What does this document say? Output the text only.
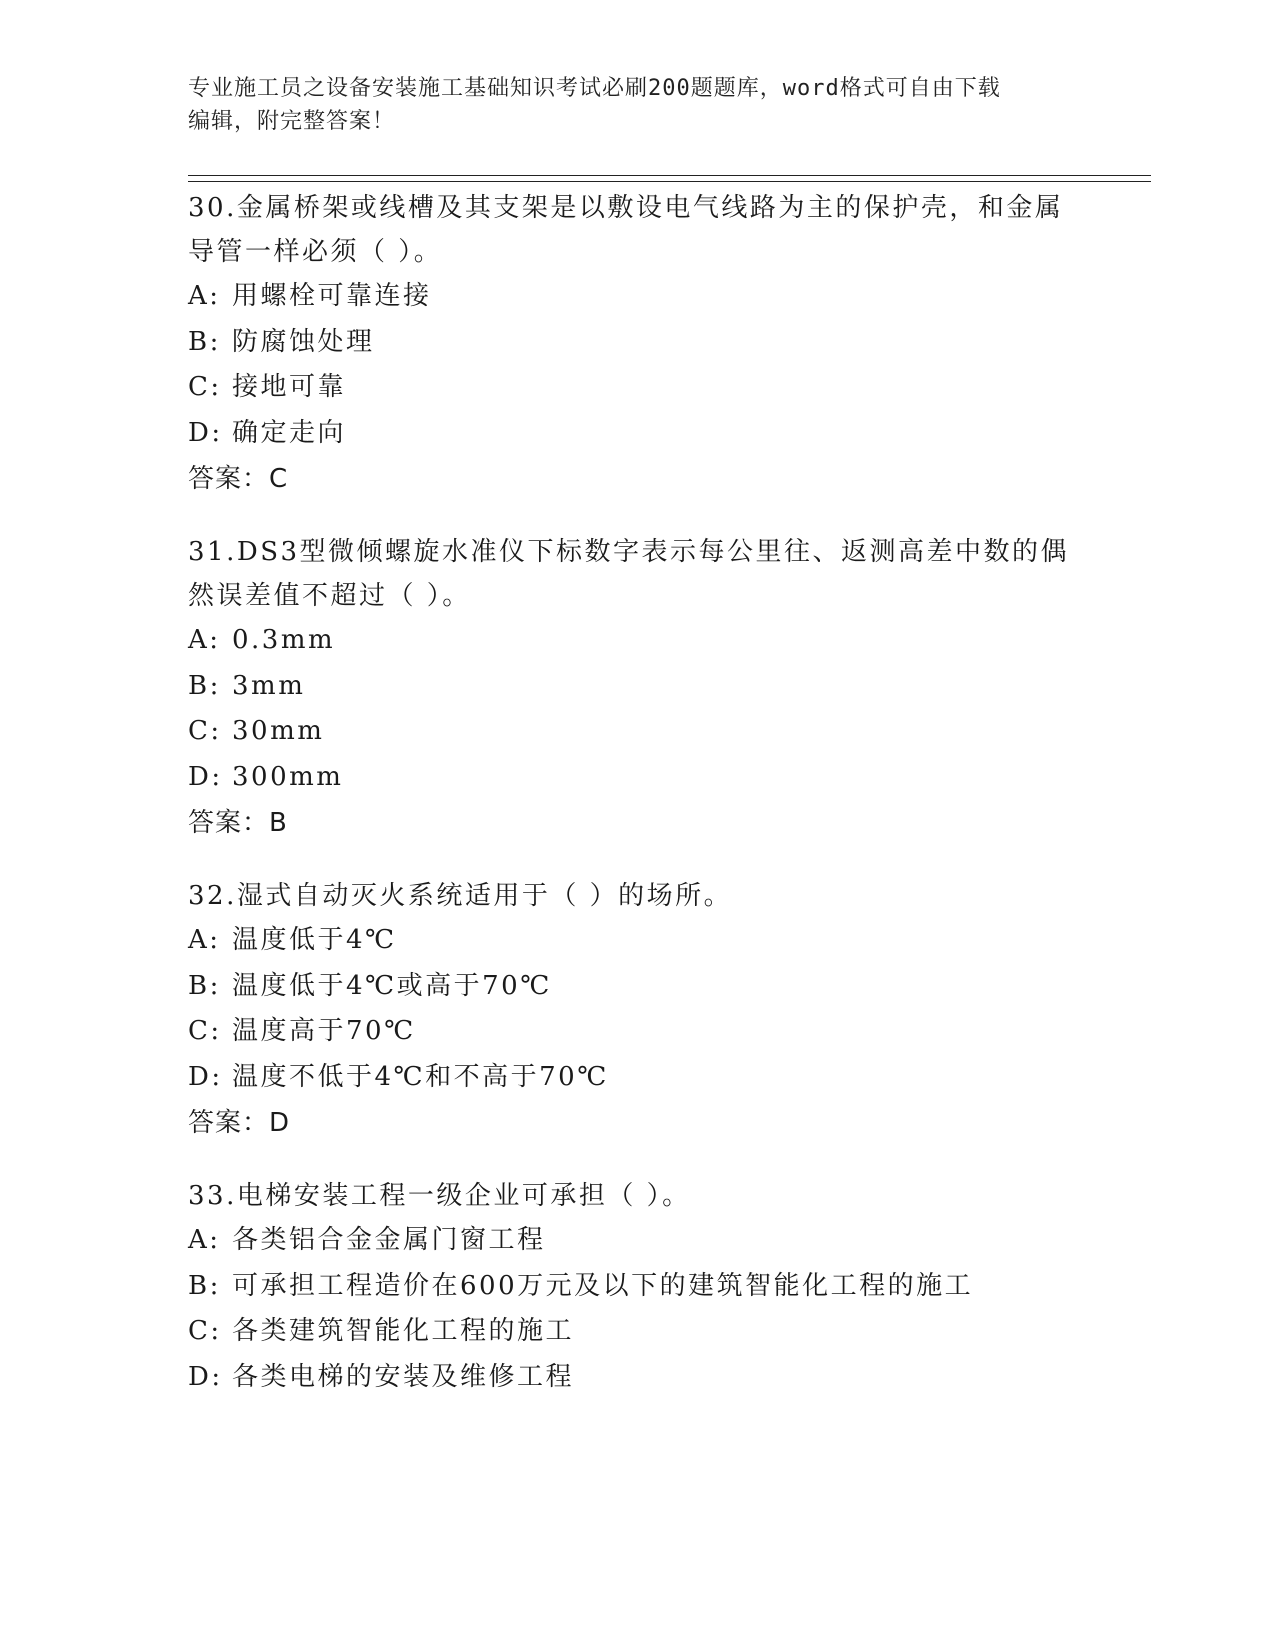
专业施工员之设备安装施工基础知识考试必刷200题题库，word格式可自由下载
编辑，附完整答案！

30.金属桥架或线槽及其支架是以敷设电气线路为主的保护壳，和金属

导管一样必须（ ）。

A: 用螺栓可靠连接

B: 防腐蚀处理

C: 接地可靠

D: 确定走向

答案：C

31.DS3型微倾螺旋水准仪下标数字表示每公里往、返测高差中数的偶

然误差值不超过（ ）。

A: 0.3mm

B: 3mm

C: 30mm

D: 300mm

答案：B

32.湿式自动灭火系统适用于（ ）的场所。

A: 温度低于4℃

B: 温度低于4℃或高于70℃

C: 温度高于70℃

D: 温度不低于4℃和不高于70℃

答案：D

33.电梯安装工程一级企业可承担（ ）。

A: 各类铝合金金属门窗工程

B: 可承担工程造价在600万元及以下的建筑智能化工程的施工

C: 各类建筑智能化工程的施工

D: 各类电梯的安装及维修工程
